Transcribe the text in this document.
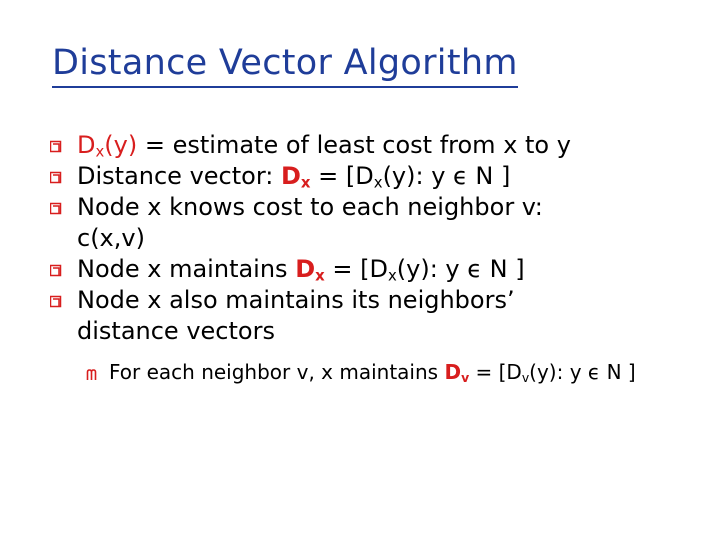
Distance Vector Algorithm
$D_x(y)$ = estimate of least cost from x to y
Distance vector: $D_x = [D_x(y)$: y ϵ N ]
Node x knows cost to each neighbor v:
c(x,v)
Node x maintains $D_x = [D_x(y)$: y ϵ N ]
Node x also maintains its neighbors’
distance vectors
For each neighbor v, x maintains $D_v = [D_v(y)$: y ϵ N ]
